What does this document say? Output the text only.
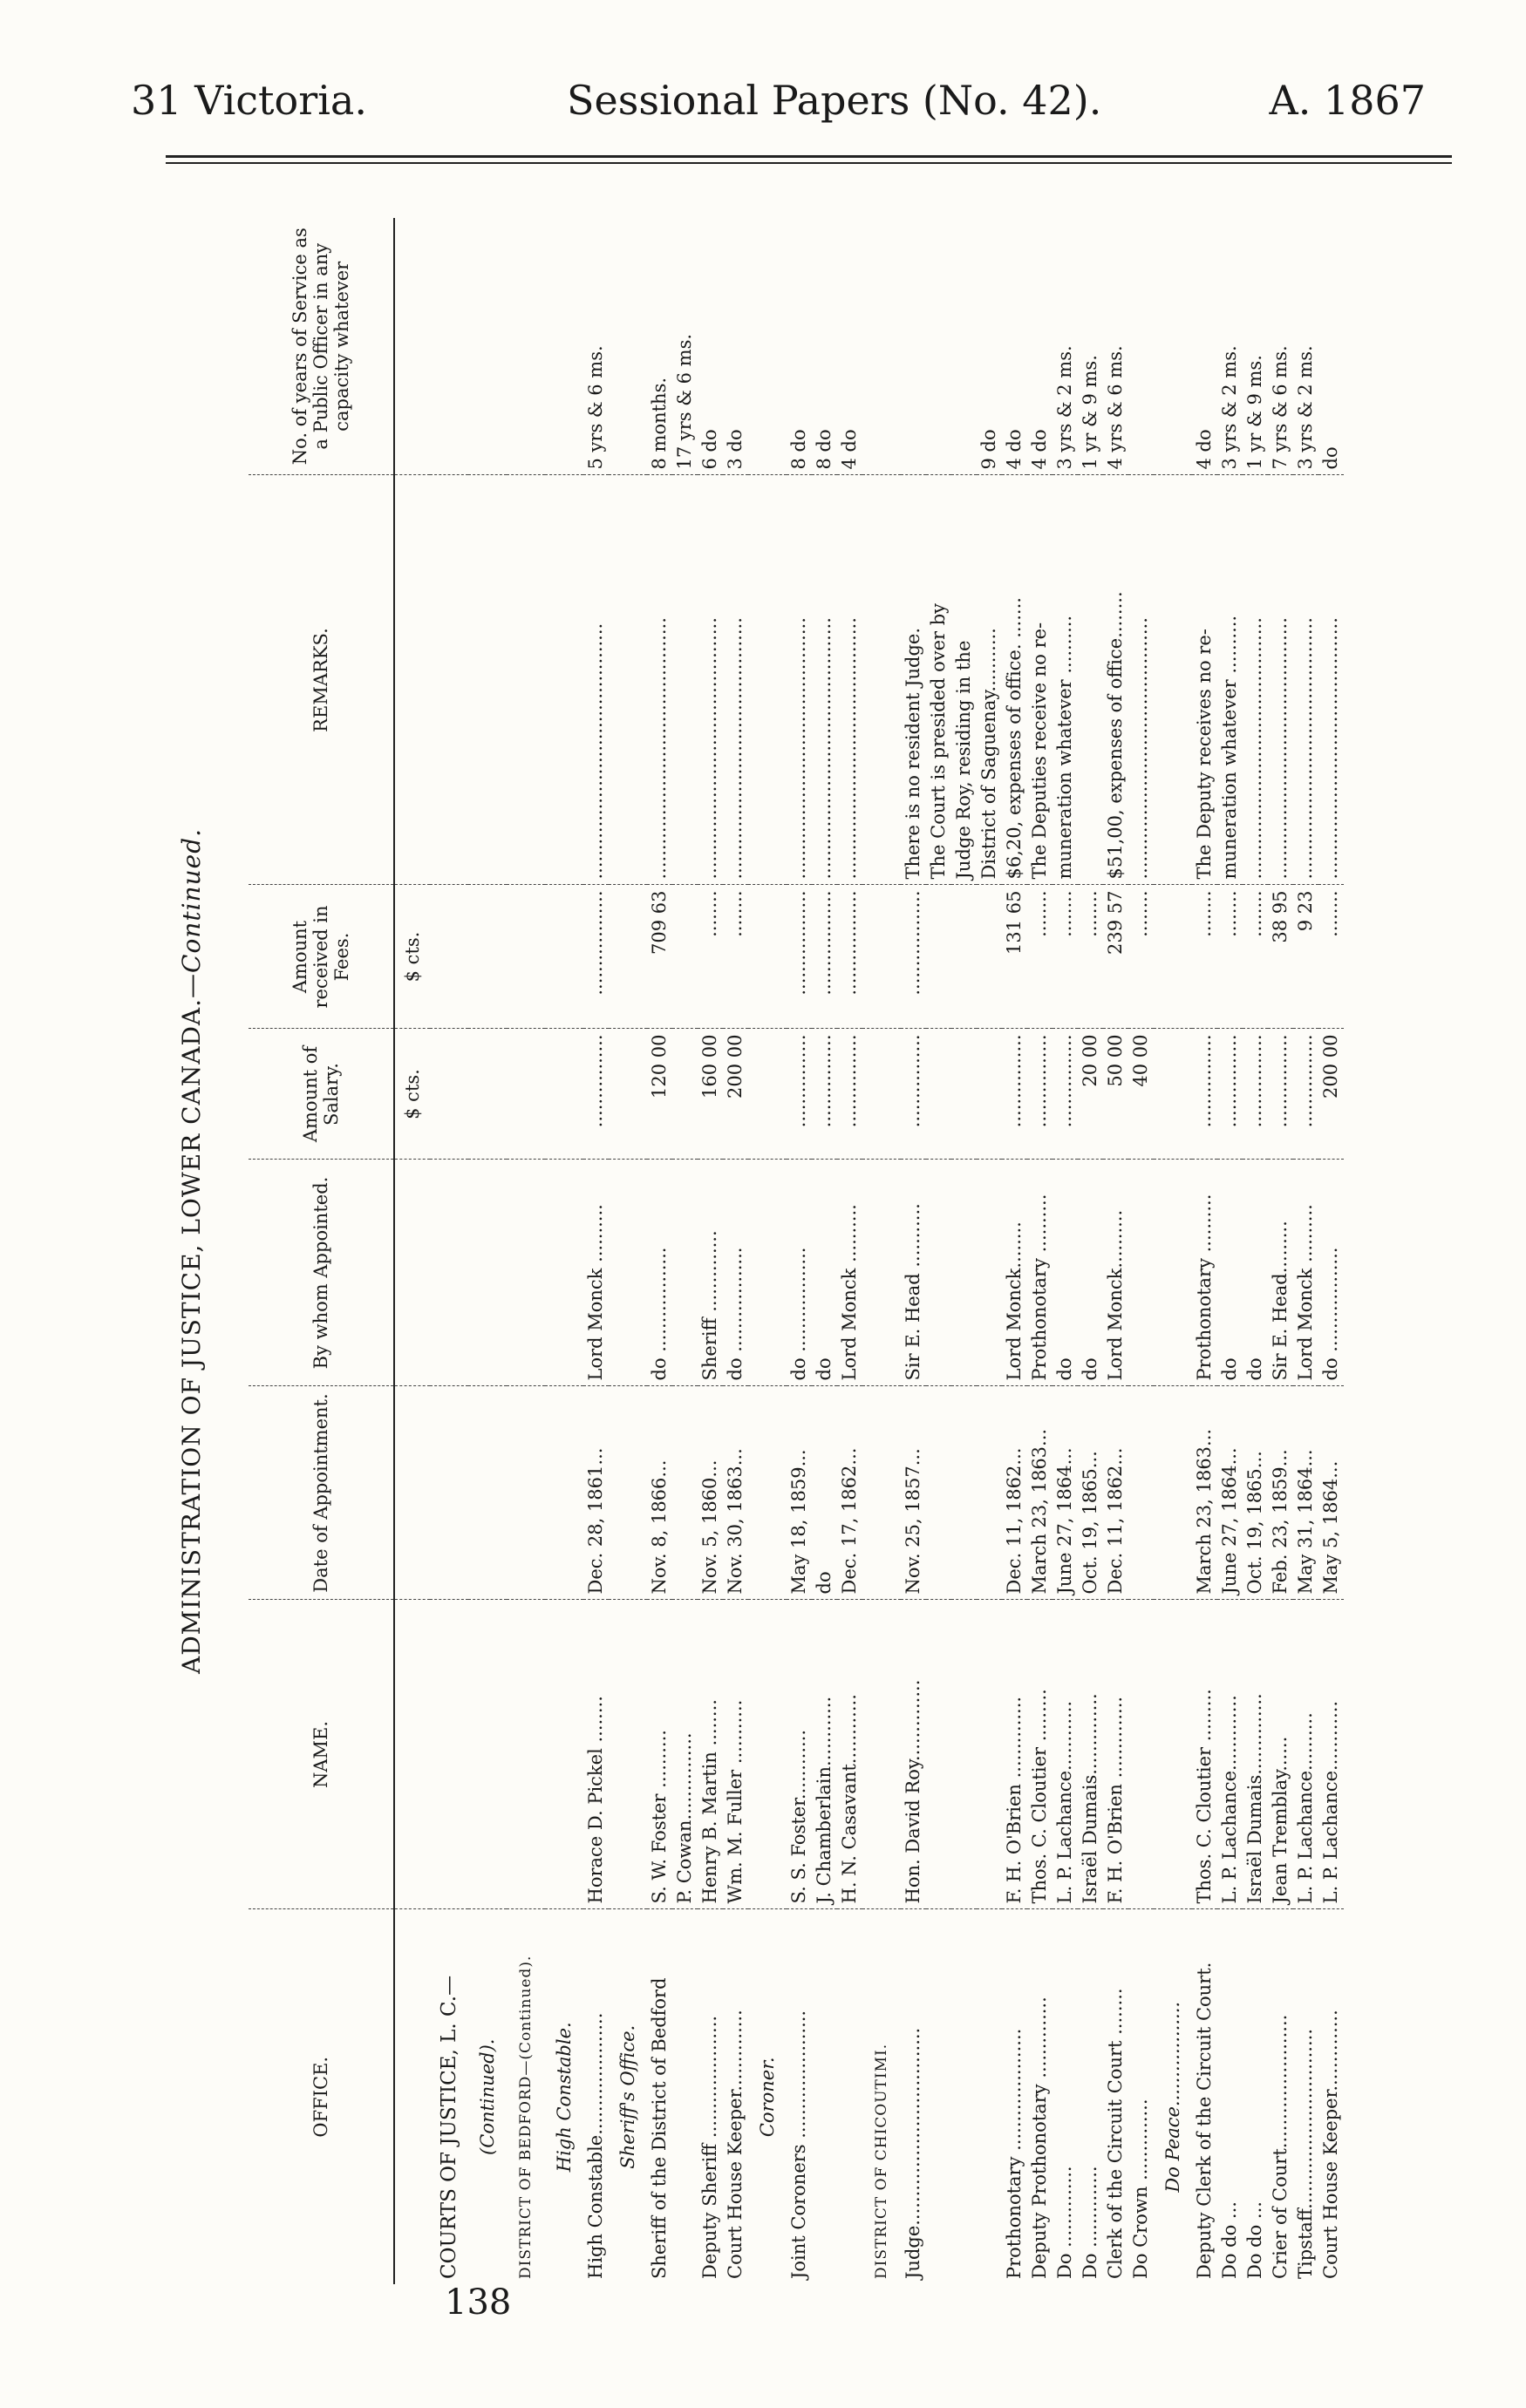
31 Victoria.	Sessional Papers (No. 42).	A. 1867
ADMINISTRATION OF JUSTICE, LOWER CANADA.—Continued.
OFFICE.	NAME.	Date of Appointment.	By whom Appointed.	Amount of Salary.	Amount received in Fees.	REMARKS.	No. of years of Service as a Public Officer in any capacity whatever
				$ cts.	$ cts.		
COURTS OF JUSTICE, L. C.—							
(Continued).							
DISTRICT OF BEDFORD—(Continued).							
High Constable.							
High Constable.....................	Horace D. Pickel ........	Dec. 28, 1861...	Lord Monck ..........	................	..................	............................................	5 yrs & 6 ms.
Sheriff's Office.							
Sheriff of the District of Bedford	S. W. Foster ..........	Nov. 8, 1866...	do ..................	120 00	709 63	.............................................	8 months.
	P. Cowan...............						17 yrs & 6 ms.
Deputy Sheriff .....................	Henry B. Martin ........	Nov. 5, 1860...	Sheriff ..............	160 00	........	.............................................	6 do
Court House Keeper..............	Wm. M. Fuller ...........	Nov. 30, 1863...	do ..................	200 00	........	.............................................	3 do
Coroner.							
Joint Coroners ......................	S. S. Foster............	May 18, 1859...	do ..................	................	..................	.............................................	8 do
	J. Chamberlain............	do	do	................	..................	.............................................	8 do
	H. N. Casavant............	Dec. 17, 1862...	Lord Monck ..........	................	..................	.............................................	4 do
DISTRICT OF CHICOUTIMI.							
Judge..................................	Hon. David Roy..............	Nov. 25, 1857...	Sir E. Head ...........	................	..................	There is no resident Judge.	
						The Court is presided over by	
						Judge Roy, residing in the	
						District of Saguenay...........	9 do
Prothonotary .....................	F. H. O'Brien ..............	Dec. 11, 1862...	Lord Monck........	................	131 65	$6,20, expenses of office. .......	4 do
Deputy Prothonotary ..............	Thos. C. Cloutier .........	March 23, 1863...	Prothonotary ..........	................	........	The Deputies receive no re-	4 do
Do ..............	L. P. Lachance............	June 27, 1864...	do	................	........	muneration whatever ..........	3 yrs & 2 ms.
Do ..............	Israël Dumais..............	Oct. 19, 1865...	do	20 00	........		1 yr & 9 ms.
Clerk of the Circuit Court ........	F. H. O'Brien ..............	Dec. 11, 1862...	Lord Monck..........	50 00	239 57	$51,00, expenses of office........	4 yrs & 6 ms.
Do Crown ..............				40 00	........	.............................................	
Do Peace..................							
Deputy Clerk of the Circuit Court.	Thos. C. Cloutier .........	March 23, 1863...	Prothonotary ..........	................	........	The Deputy receives no re-	4 do
Do do ...	L. P. Lachance.............	June 27, 1864...	do	................	........	muneration whatever ..........	3 yrs & 2 ms.
Do do ...	Israël Dumais..............	Oct. 19, 1865...	do	................	........	.............................................	1 yr & 9 ms.
Crier of Court.......................	Jean Tremblay......	Feb. 23, 1859...	Sir E. Head.........	................	38 95	.............................................	7 yrs & 6 ms.
Tipstaff...............................	L. P. Lachance..........	May 31, 1864...	Lord Monck ..........	................	9 23	.............................................	3 yrs & 2 ms.
Court House Keeper..............	L. P. Lachance............	May 5, 1864...	do ..................	200 00	........	.............................................	do
138
